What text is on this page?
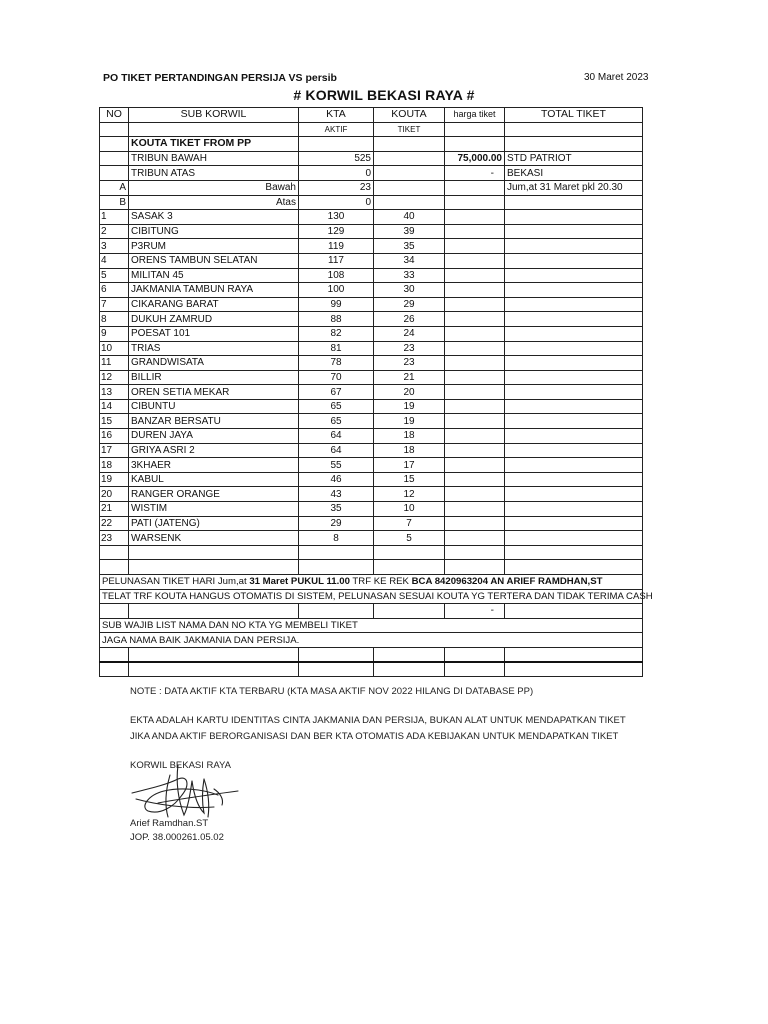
PO TIKET PERTANDINGAN PERSIJA VS persib	30 Maret 2023
# KORWIL BEKASI RAYA #
NO	SUB KORWIL	KTA	KOUTA	harga tiket	TOTAL TIKET
		AKTIF	TIKET		
	KOUTA TIKET FROM PP				
	TRIBUN BAWAH	525		75,000.00	STD PATRIOT
	TRIBUN ATAS	0		-	BEKASI
A	Bawah	23			Jum,at 31 Maret pkl 20.30
B	Atas	0			
1	SASAK 3	130	40		
2	CIBITUNG	129	39		
3	P3RUM	119	35		
4	ORENS TAMBUN SELATAN	117	34		
5	MILITAN 45	108	33		
6	JAKMANIA TAMBUN RAYA	100	30		
7	CIKARANG BARAT	99	29		
8	DUKUH ZAMRUD	88	26		
9	POESAT 101	82	24		
10	TRIAS	81	23		
11	GRANDWISATA	78	23		
12	BILLIR	70	21		
13	OREN SETIA MEKAR	67	20		
14	CIBUNTU	65	19		
15	BANZAR BERSATU	65	19		
16	DUREN JAYA	64	18		
17	GRIYA ASRI 2	64	18		
18	3KHAER	55	17		
19	KABUL	46	15		
20	RANGER ORANGE	43	12		
21	WISTIM	35	10		
22	PATI (JATENG)	29	7		
23	WARSENK	8	5		

PELUNASAN TIKET HARI Jum,at 31 Maret PUKUL 11.00 TRF KE REK BCA 8420963204 AN ARIEF RAMDHAN,ST					
TELAT TRF KOUTA HANGUS OTOMATIS DI SISTEM, PELUNASAN SESUAI KOUTA YG TERTERA DAN TIDAK TERIMA CASH					
				-	
SUB WAJIB LIST NAMA DAN NO KTA YG MEMBELI TIKET					
JAGA NAMA BAIK JAKMANIA DAN PERSIJA.					

NOTE : DATA AKTIF KTA TERBARU (KTA MASA AKTIF NOV 2022 HILANG DI DATABASE PP)
EKTA ADALAH KARTU IDENTITAS CINTA JAKMANIA DAN PERSIJA, BUKAN ALAT UNTUK MENDAPATKAN TIKET
JIKA ANDA AKTIF BERORGANISASI DAN BER KTA OTOMATIS ADA KEBIJAKAN UNTUK MENDAPATKAN TIKET
KORWIL BEKASI RAYA
Arief Ramdhan.ST
JOP. 38.000261.05.02
